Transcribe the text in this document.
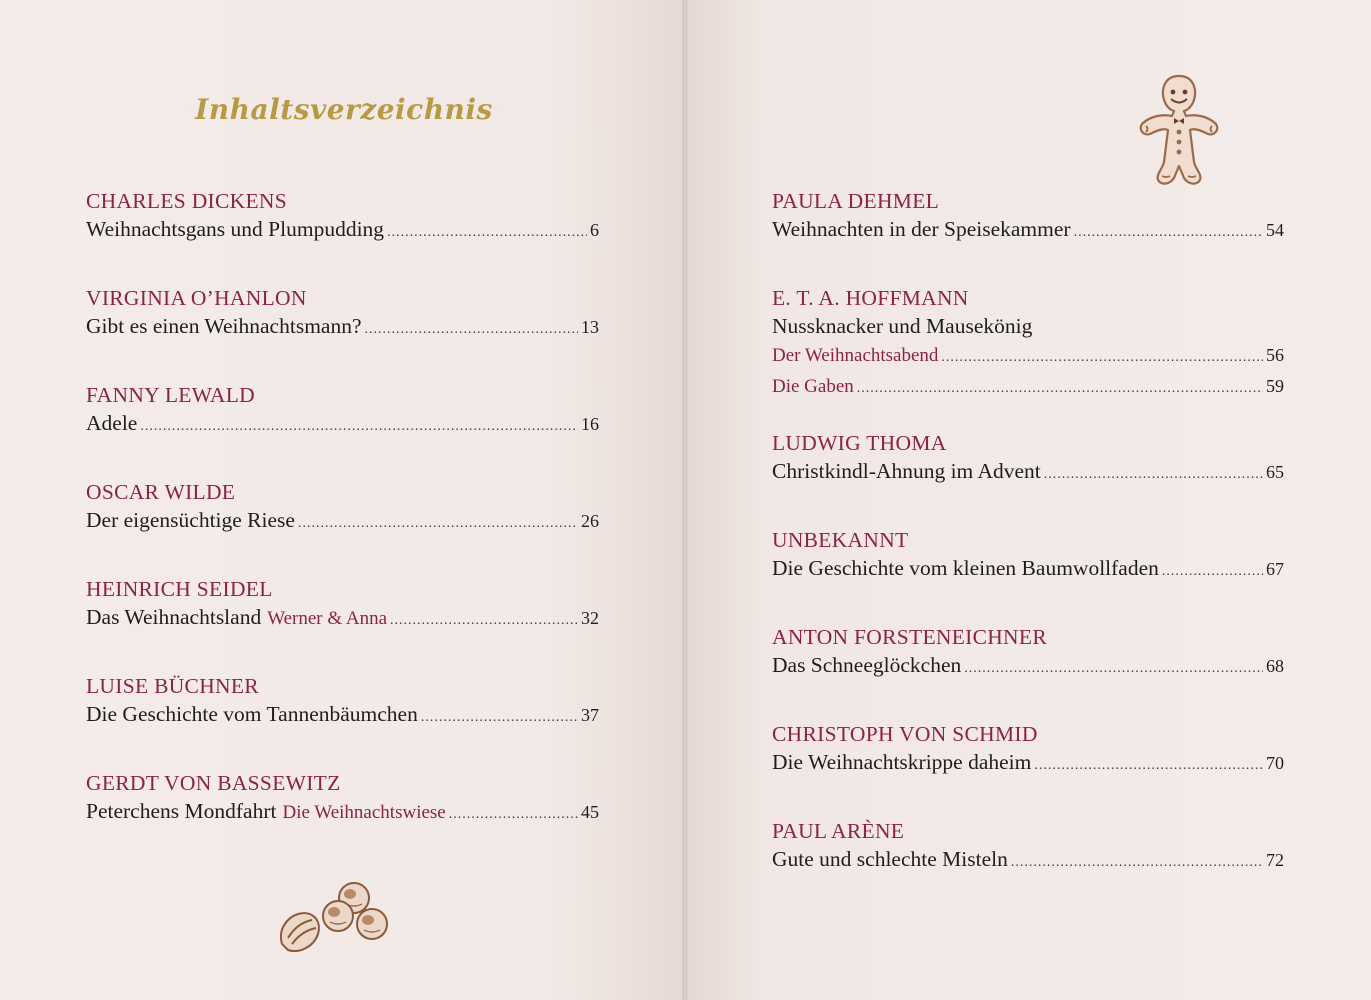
Inhaltsverzeichnis
CHARLES DICKENS
Weihnachtsgans und Plumpudding .....	6
VIRGINIA O’HANLON
Gibt es einen Weihnachtsmann? .....	13
FANNY LEWALD
Adele .....	16
OSCAR WILDE
Der eigensüchtige Riese .....	26
HEINRICH SEIDEL
Das Weihnachtsland Werner & Anna .....	32
LUISE BÜCHNER
Die Geschichte vom Tannenbäumchen .....	37
GERDT VON BASSEWITZ
Peterchens Mondfahrt Die Weihnachtswiese .....	45
PAULA DEHMEL
Weihnachten in der Speisekammer .....	54
E. T. A. HOFFMANN
Nussknacker und Mausekönig
Der Weihnachtsabend .....	56
Die Gaben .....	59
LUDWIG THOMA
Christkindl-Ahnung im Advent .....	65
UNBEKANNT
Die Geschichte vom kleinen Baumwollfaden .....	67
ANTON FORSTENEICHNER
Das Schneeglöckchen .....	68
CHRISTOPH VON SCHMID
Die Weihnachtskrippe daheim .....	70
PAUL ARÈNE
Gute und schlechte Misteln .....	72
